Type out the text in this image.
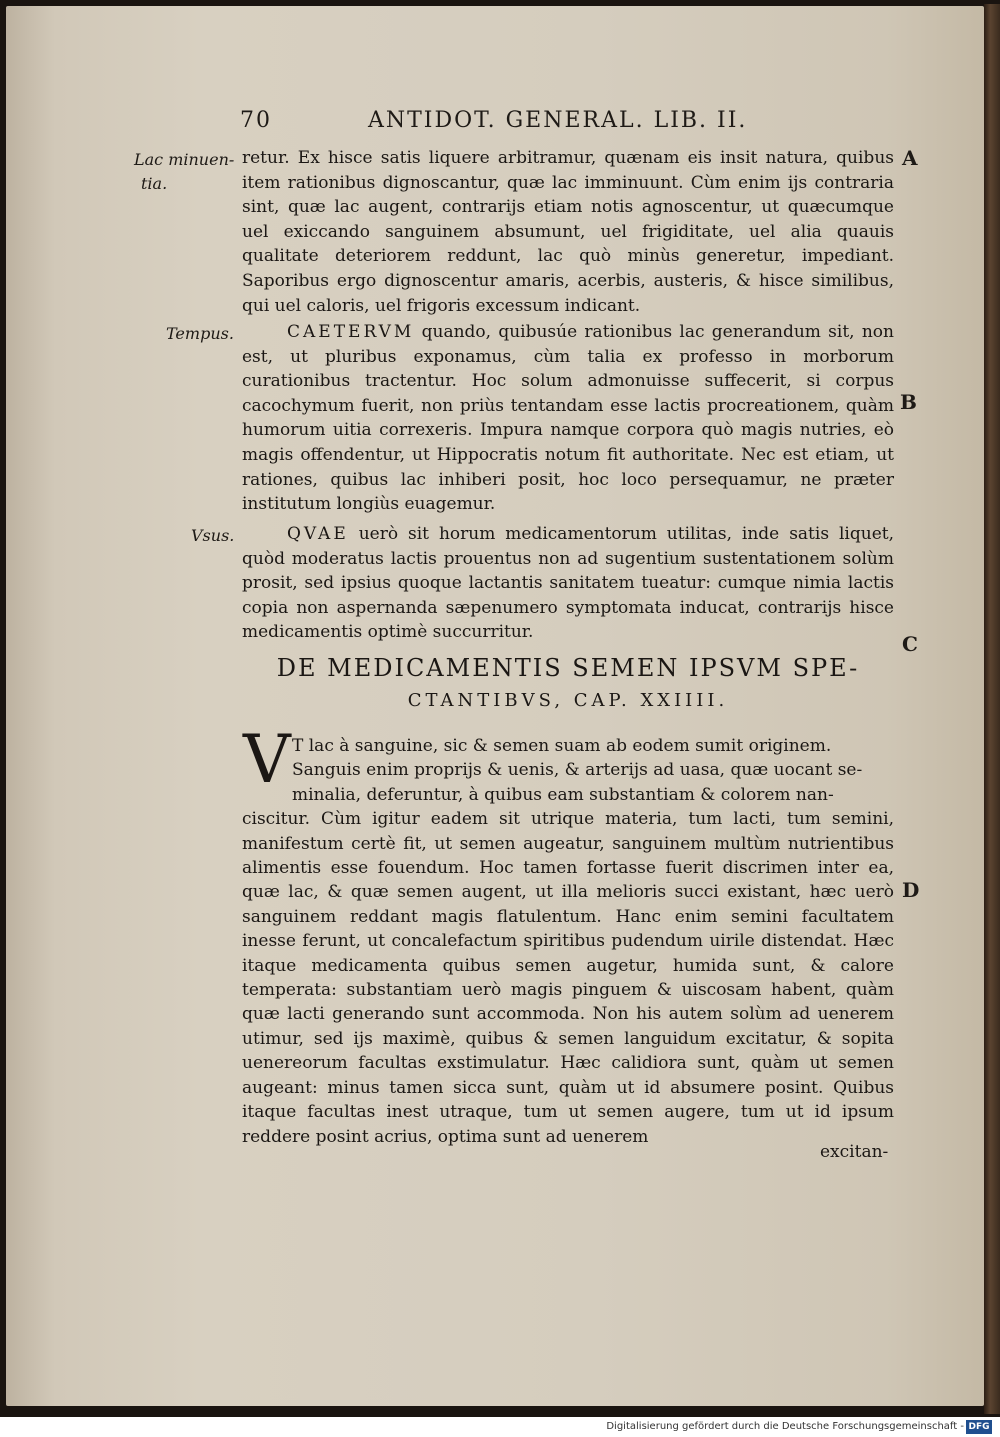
70	ANTIDOT. GENERAL. LIB. II.
Lac minuen-
tia.
Tempus.
Vsus.
A
B
C
D

retur. Ex hisce satis liquere arbitramur, quænam eis insit natura, quibus item rationibus dignoscantur, quæ lac imminuunt. Cùm enim ijs contraria sint, quæ lac augent, contrarijs etiam notis agnoscentur, ut quæcumque uel exiccando sanguinem absumunt, uel frigiditate, uel alia quauis qualitate deteriorem reddunt, lac quò minùs generetur, impediant. Saporibus ergo dignoscentur amaris, acerbis, austeris, & hisce similibus, qui uel caloris, uel frigoris excessum indicant.

CAETERVM quando, quibusúe rationibus lac generandum sit, non est, ut pluribus exponamus, cùm talia ex professo in morborum curationibus tractentur. Hoc solum admonuisse suffecerit, si corpus cacochymum fuerit, non priùs tentandam esse lactis procreationem, quàm humorum uitia correxeris. Impura namque corpora quò magis nutries, eò magis offendentur, ut Hippocratis notum fit authoritate. Nec est etiam, ut rationes, quibus lac inhiberi posit, hoc loco persequamur, ne præter institutum longiùs euagemur.

QVAE uerò sit horum medicamentorum utilitas, inde satis liquet, quòd moderatus lactis prouentus non ad sugentium sustentationem solùm prosit, sed ipsius quoque lactantis sanitatem tueatur: cumque nimia lactis copia non aspernanda sæpenumero symptomata inducat, contrarijs hisce medicamentis optimè succurritur.

DE MEDICAMENTIS SEMEN IPSVM SPE-
CTANTIBVS, CAP. XXIIII.
V T lac à sanguine, sic & semen suam ab eodem sumit originem.
Sanguis enim proprijs & uenis, & arterijs ad uasa, quæ uocant se-
minalia, deferuntur, à quibus eam substantiam & colorem nan-
ciscitur. Cùm igitur eadem sit utrique materia, tum lacti, tum semini, manifestum certè fit, ut semen augeatur, sanguinem multùm nutrientibus alimentis esse fouendum. Hoc tamen fortasse fuerit discrimen inter ea, quæ lac, & quæ semen augent, ut illa melioris succi existant, hæc uerò sanguinem reddant magis flatulentum. Hanc enim semini facultatem inesse ferunt, ut concalefactum spiritibus pudendum uirile distendat. Hæc itaque medicamenta quibus semen augetur, humida sunt, & calore temperata: substantiam uerò magis pinguem & uiscosam habent, quàm quæ lacti generando sunt accommoda. Non his autem solùm ad uenerem utimur, sed ijs maximè, quibus & semen languidum excitatur, & sopita uenereorum facultas exstimulatur. Hæc calidiora sunt, quàm ut semen augeant: minus tamen sicca sunt, quàm ut id absumere posint. Quibus itaque facultas inest utraque, tum ut semen augere, tum ut id ipsum reddere posint acrius, optima sunt ad uenerem
excitan-
Digitalisierung gefördert durch die Deutsche Forschungsgemeinschaft - DFG
